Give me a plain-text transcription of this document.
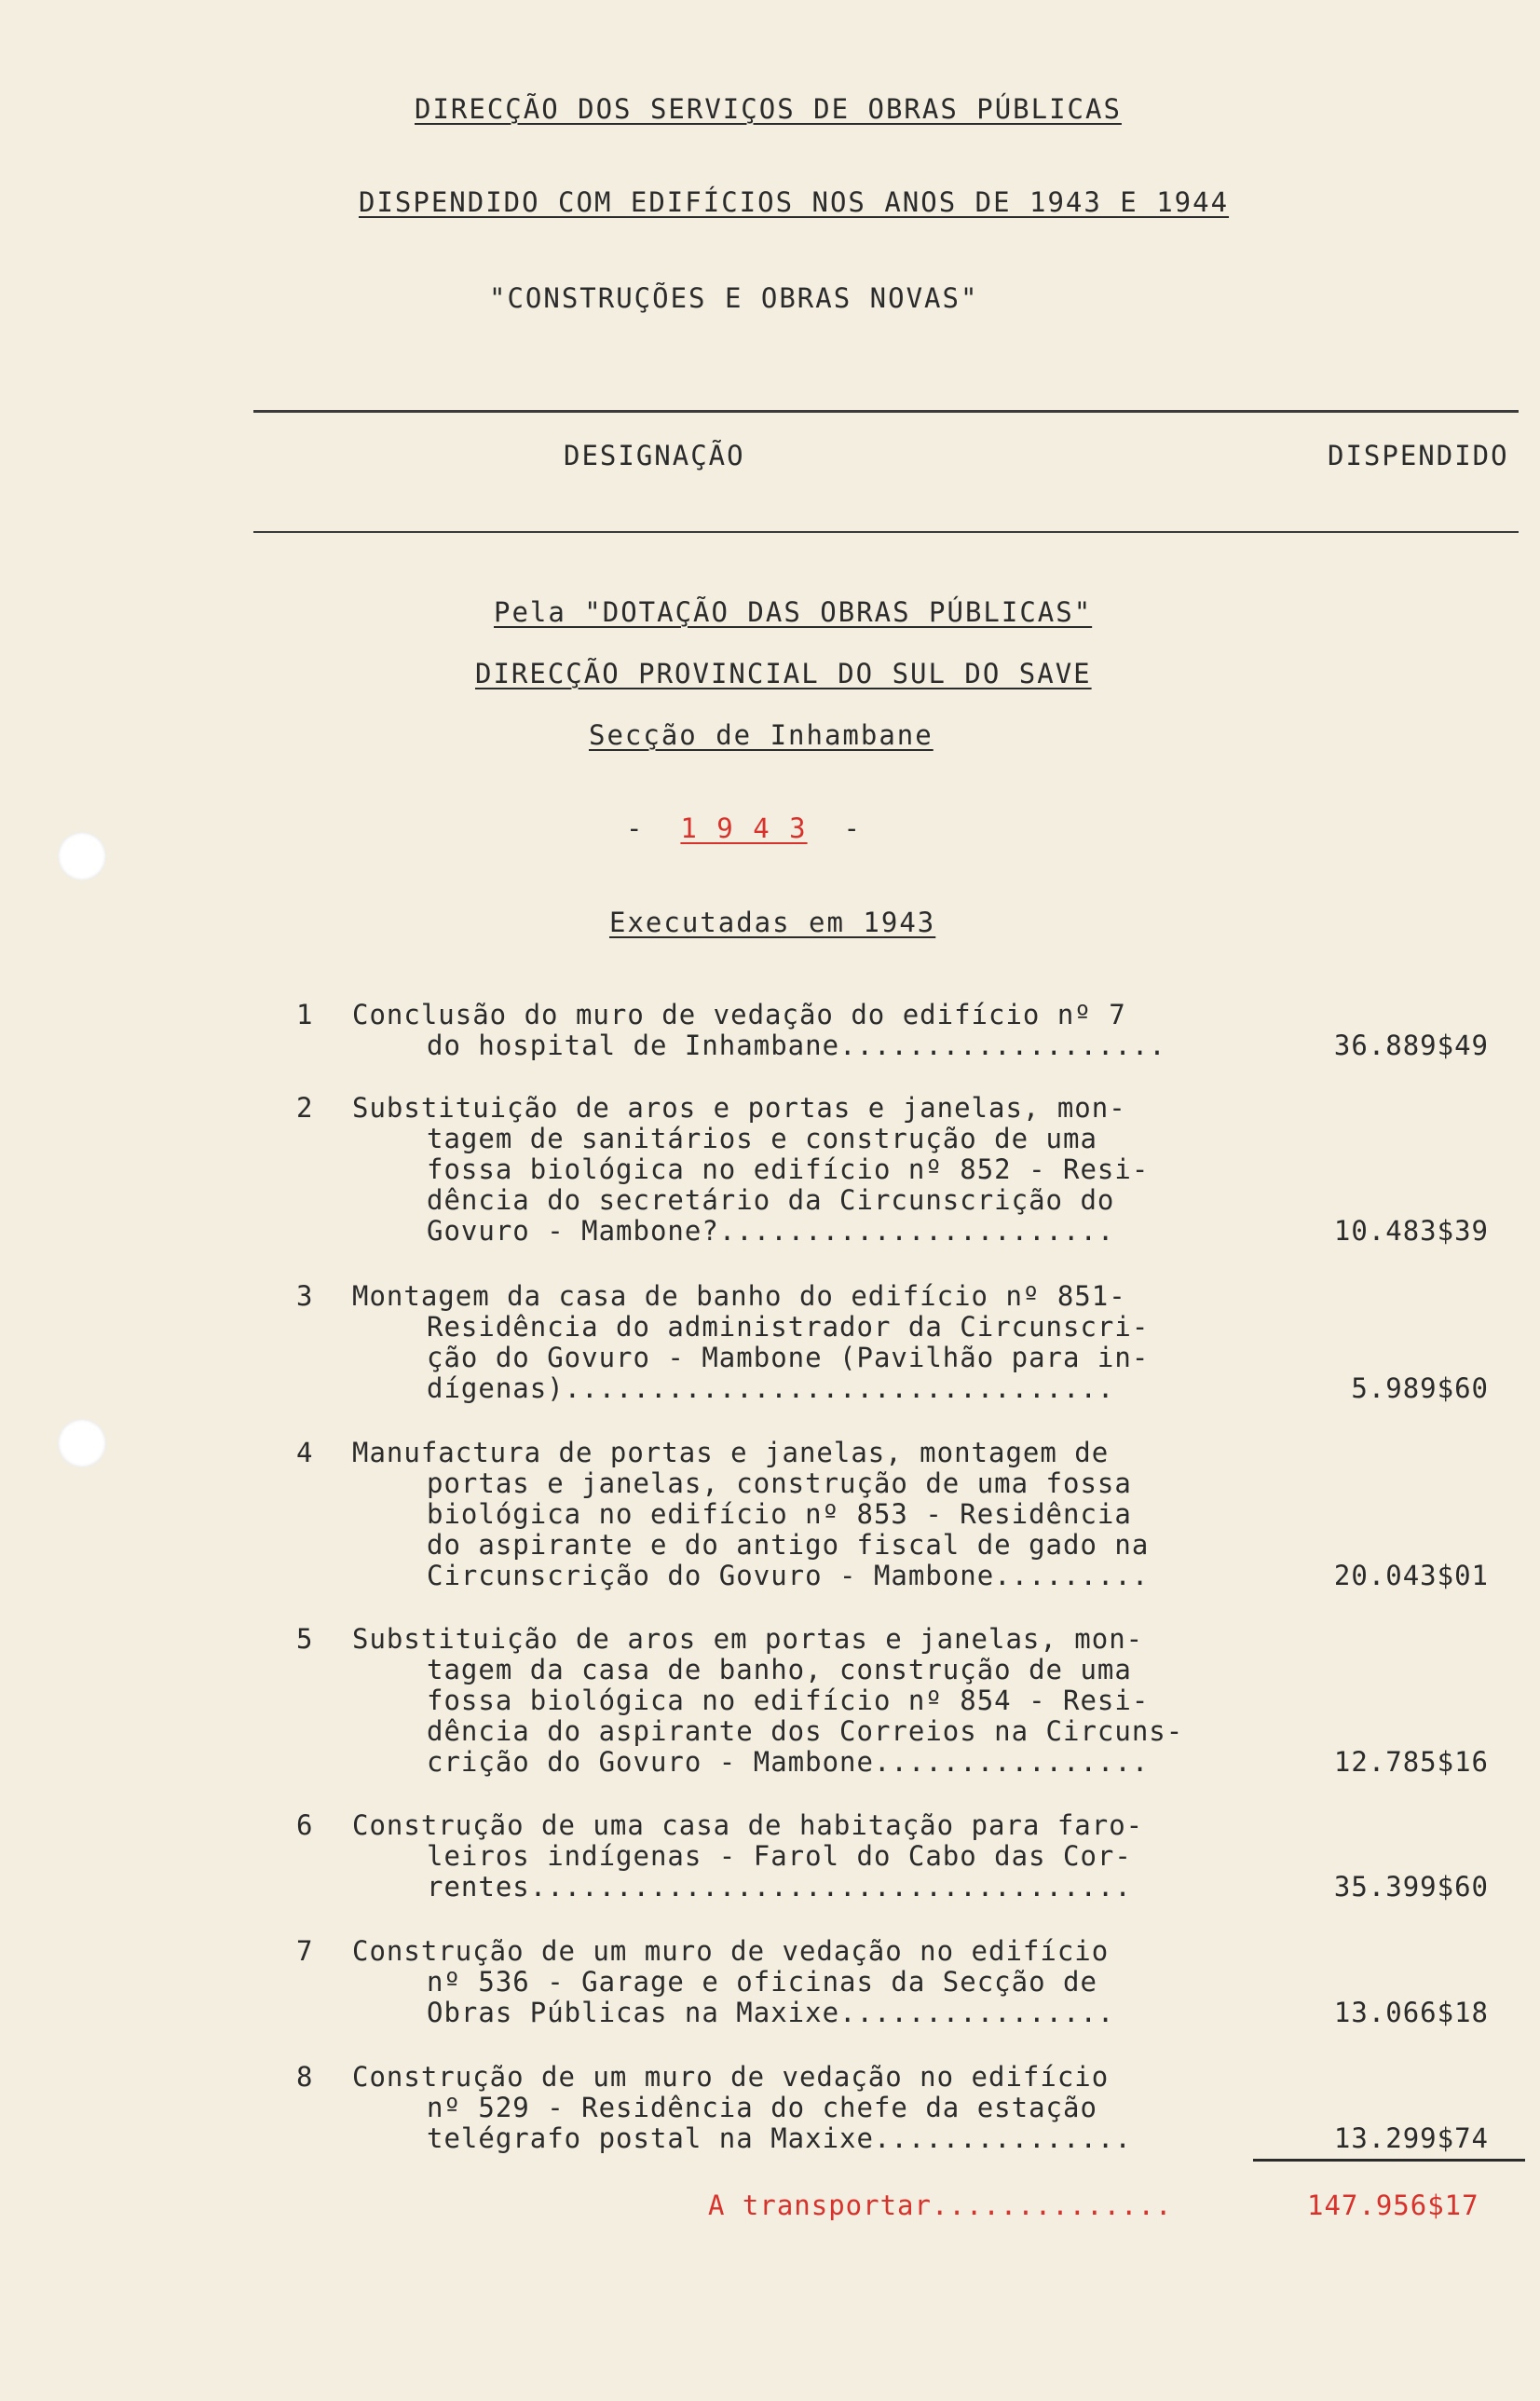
DIRECÇÃO DOS SERVIÇOS DE OBRAS PÚBLICAS
DISPENDIDO COM EDIFÍCIOS NOS ANOS DE 1943 E 1944
"CONSTRUÇÕES E OBRAS NOVAS"
DESIGNAÇÃO	DISPENDIDO
Pela "DOTAÇÃO DAS OBRAS PÚBLICAS"
DIRECÇÃO PROVINCIAL DO SUL DO SAVE
Secção de Inhambane
- 1 9 4 3 -
Executadas em 1943
1 Conclusão do muro de vedação do edifício nº 7
do hospital de Inhambane...................	36.889$49
2 Substituição de aros e portas e janelas, mon-
tagem de sanitários e construção de uma
fossa biológica no edifício nº 852 - Resi-
dência do secretário da Circunscrição do
Govuro - Mambone?.......................	10.483$39
3 Montagem da casa de banho do edifício nº 851-
Residência do administrador da Circunscri-
ção do Govuro - Mambone (Pavilhão para in-
dígenas)................................	5.989$60
4 Manufactura de portas e janelas, montagem de
portas e janelas, construção de uma fossa
biológica no edifício nº 853 - Residência
do aspirante e do antigo fiscal de gado na
Circunscrição do Govuro - Mambone.........	20.043$01
5 Substituição de aros em portas e janelas, mon-
tagem da casa de banho, construção de uma
fossa biológica no edifício nº 854 - Resi-
dência do aspirante dos Correios na Circuns-
crição do Govuro - Mambone................	12.785$16
6 Construção de uma casa de habitação para faro-
leiros indígenas - Farol do Cabo das Cor-
rentes...................................	35.399$60
7 Construção de um muro de vedação no edifício
nº 536 - Garage e oficinas da Secção de
Obras Públicas na Maxixe................	13.066$18
8 Construção de um muro de vedação no edifício
nº 529 - Residência do chefe da estação
telégrafo postal na Maxixe...............	13.299$74
A transportar..............	147.956$17
